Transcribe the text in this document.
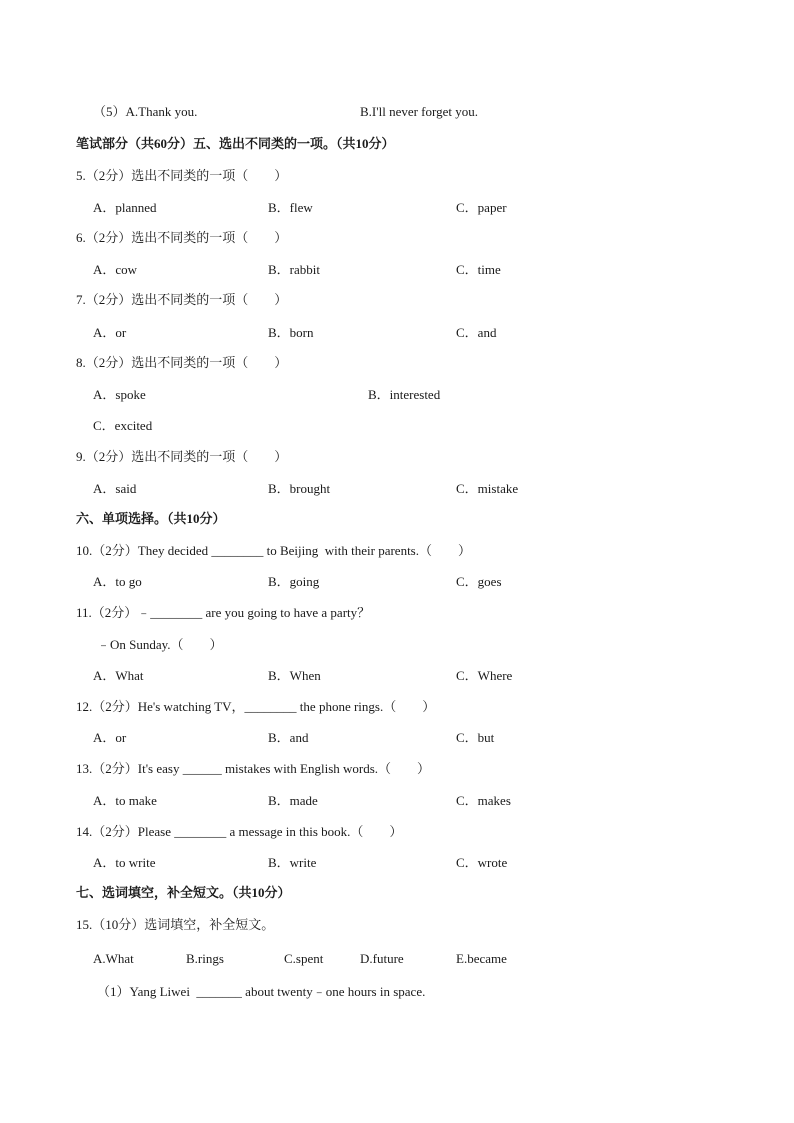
（5）A.Thank you.	B.I'll never forget you.
笔试部分（共60分）五、选出不同类的一项。（共10分）
5.（2分）选出不同类的一项（　　）
A．planned	B．flew	C．paper
6.（2分）选出不同类的一项（　　）
A．cow	B．rabbit	C．time
7.（2分）选出不同类的一项（　　）
A．or	B．born	C．and
8.（2分）选出不同类的一项（　　）
A．spoke	B．interested
C．excited
9.（2分）选出不同类的一项（　　）
A．said	B．brought	C．mistake
六、单项选择。（共10分）
10.（2分）They decided ________ to Beijing  with their parents.（　　）
A．to go	B．going	C．goes
11.（2分）﹣________ are you going to have a party？
﹣On Sunday.（　　）
A．What	B．When	C．Where
12.（2分）He's watching TV，________ the phone rings.（　　）
A．or	B．and	C．but
13.（2分）It's easy ______ mistakes with English words.（　　）
A．to make	B．made	C．makes
14.（2分）Please ________ a message in this book.（　　）
A．to write	B．write	C．wrote
七、选词填空，补全短文。（共10分）
15.（10分）选词填空，补全短文。
A.What	B.rings	C.spent	D.future	E.became
（1）Yang Liwei  _______ about twenty﹣one hours in space.
